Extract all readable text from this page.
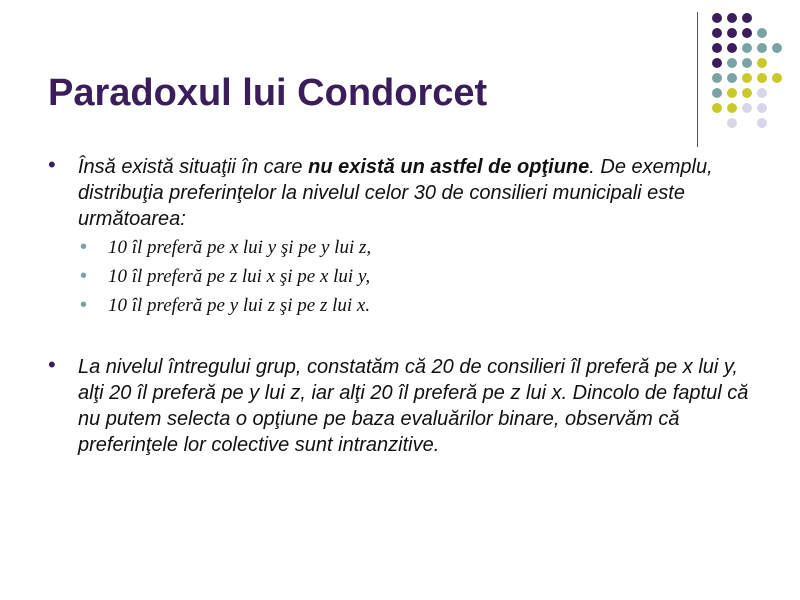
Paradoxul lui Condorcet
• Însă există situaţii în care nu există un astfel de opţiune. De exemplu, distribuţia preferinţelor la nivelul celor 30 de consilieri municipali este următoarea:
• 10 îl preferă pe x lui y şi pe y lui z,
• 10 îl preferă pe z lui x şi pe x lui y,
• 10 îl preferă pe y lui z şi pe z lui x.
• La nivelul întregului grup, constatăm că 20 de consilieri îl preferă pe x lui y, alţi 20 îl preferă pe y lui z, iar alţi 20 îl preferă pe z lui x. Dincolo de faptul că nu putem selecta o opţiune pe baza evaluărilor binare, observăm că preferinţele lor colective sunt intranzitive.
